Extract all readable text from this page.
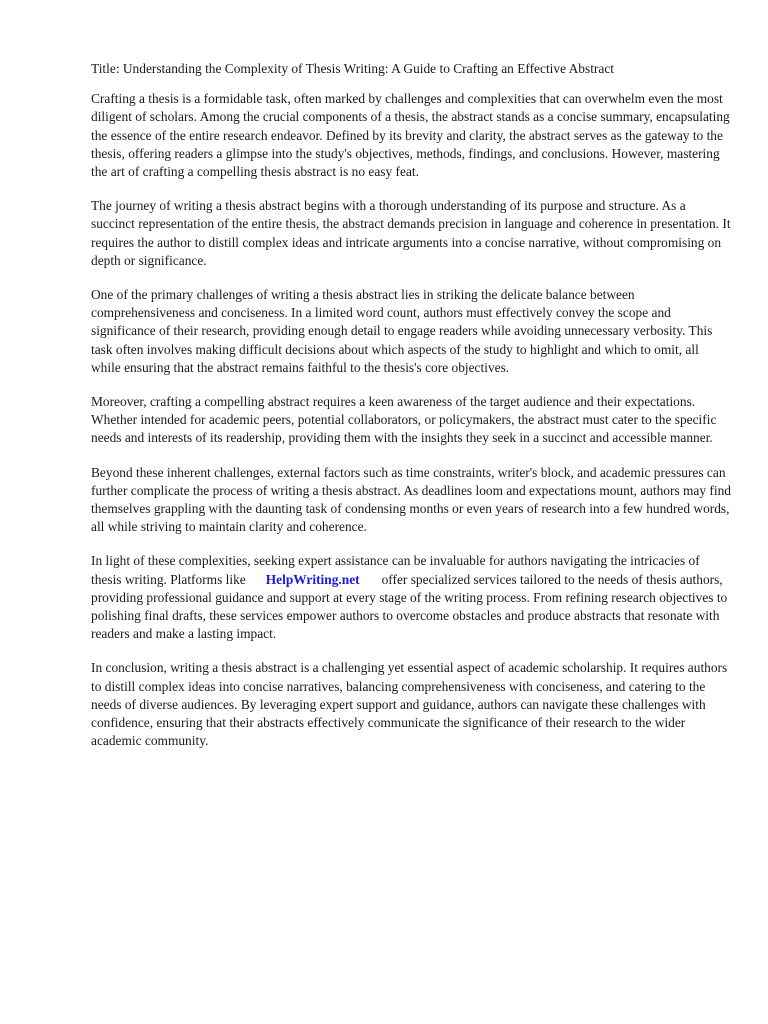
Title: Understanding the Complexity of Thesis Writing: A Guide to Crafting an Effective Abstract

Crafting a thesis is a formidable task, often marked by challenges and complexities that can overwhelm even the most diligent of scholars. Among the crucial components of a thesis, the abstract stands as a concise summary, encapsulating the essence of the entire research endeavor. Defined by its brevity and clarity, the abstract serves as the gateway to the thesis, offering readers a glimpse into the study's objectives, methods, findings, and conclusions. However, mastering the art of crafting a compelling thesis abstract is no easy feat.

The journey of writing a thesis abstract begins with a thorough understanding of its purpose and structure. As a succinct representation of the entire thesis, the abstract demands precision in language and coherence in presentation. It requires the author to distill complex ideas and intricate arguments into a concise narrative, without compromising on depth or significance.

One of the primary challenges of writing a thesis abstract lies in striking the delicate balance between comprehensiveness and conciseness. In a limited word count, authors must effectively convey the scope and significance of their research, providing enough detail to engage readers while avoiding unnecessary verbosity. This task often involves making difficult decisions about which aspects of the study to highlight and which to omit, all while ensuring that the abstract remains faithful to the thesis's core objectives.

Moreover, crafting a compelling abstract requires a keen awareness of the target audience and their expectations. Whether intended for academic peers, potential collaborators, or policymakers, the abstract must cater to the specific needs and interests of its readership, providing them with the insights they seek in a succinct and accessible manner.

Beyond these inherent challenges, external factors such as time constraints, writer's block, and academic pressures can further complicate the process of writing a thesis abstract. As deadlines loom and expectations mount, authors may find themselves grappling with the daunting task of condensing months or even years of research into a few hundred words, all while striving to maintain clarity and coherence.

In light of these complexities, seeking expert assistance can be invaluable for authors navigating the intricacies of thesis writing. Platforms like HelpWriting.net offer specialized services tailored to the needs of thesis authors, providing professional guidance and support at every stage of the writing process. From refining research objectives to polishing final drafts, these services empower authors to overcome obstacles and produce abstracts that resonate with readers and make a lasting impact.

In conclusion, writing a thesis abstract is a challenging yet essential aspect of academic scholarship. It requires authors to distill complex ideas into concise narratives, balancing comprehensiveness with conciseness, and catering to the needs of diverse audiences. By leveraging expert support and guidance, authors can navigate these challenges with confidence, ensuring that their abstracts effectively communicate the significance of their research to the wider academic community.
